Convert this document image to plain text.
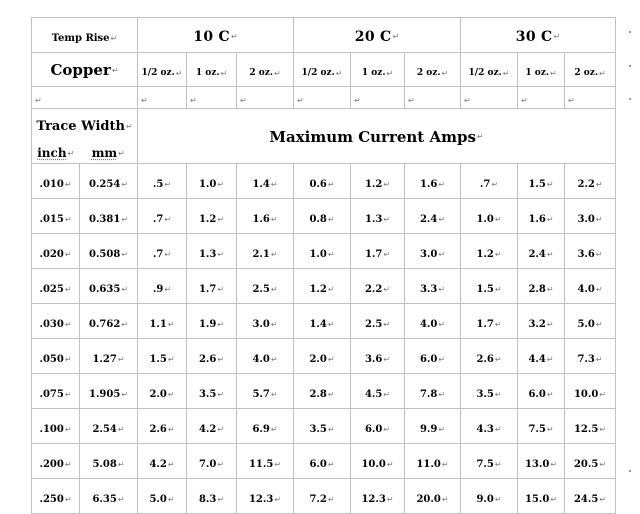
Temp Rise ↵		10 C ↵			20 C ↵			30 C ↵		

Copper ↵		1/2 oz. ↵	1 oz. ↵	2 oz. ↵	1/2 oz. ↵	1 oz. ↵	2 oz. ↵	1/2 oz. ↵	1 oz. ↵	2 oz. ↵

↵		↵	↵	↵	↵	↵	↵	↵	↵	↵

Trace Width ↵		Maximum Current Amps ↵								

inch ↵	mm ↵									

.010 ↵	0.254 ↵	.5 ↵	1.0 ↵	1.4 ↵	0.6 ↵	1.2 ↵	1.6 ↵	.7 ↵	1.5 ↵	2.2 ↵

.015 ↵	0.381 ↵	.7 ↵	1.2 ↵	1.6 ↵	0.8 ↵	1.3 ↵	2.4 ↵	1.0 ↵	1.6 ↵	3.0 ↵

.020 ↵	0.508 ↵	.7 ↵	1.3 ↵	2.1 ↵	1.0 ↵	1.7 ↵	3.0 ↵	1.2 ↵	2.4 ↵	3.6 ↵

.025 ↵	0.635 ↵	.9 ↵	1.7 ↵	2.5 ↵	1.2 ↵	2.2 ↵	3.3 ↵	1.5 ↵	2.8 ↵	4.0 ↵

.030 ↵	0.762 ↵	1.1 ↵	1.9 ↵	3.0 ↵	1.4 ↵	2.5 ↵	4.0 ↵	1.7 ↵	3.2 ↵	5.0 ↵

.050 ↵	1.27 ↵	1.5 ↵	2.6 ↵	4.0 ↵	2.0 ↵	3.6 ↵	6.0 ↵	2.6 ↵	4.4 ↵	7.3 ↵

.075 ↵	1.905 ↵	2.0 ↵	3.5 ↵	5.7 ↵	2.8 ↵	4.5 ↵	7.8 ↵	3.5 ↵	6.0 ↵	10.0 ↵

.100 ↵	2.54 ↵	2.6 ↵	4.2 ↵	6.9 ↵	3.5 ↵	6.0 ↵	9.9 ↵	4.3 ↵	7.5 ↵	12.5 ↵

.200 ↵	5.08 ↵	4.2 ↵	7.0 ↵	11.5 ↵	6.0 ↵	10.0 ↵	11.0 ↵	7.5 ↵	13.0 ↵	20.5 ↵

.250 ↵	6.35 ↵	5.0 ↵	8.3 ↵	12.3 ↵	7.2 ↵	12.3 ↵	20.0 ↵	9.0 ↵	15.0 ↵	24.5 ↵
